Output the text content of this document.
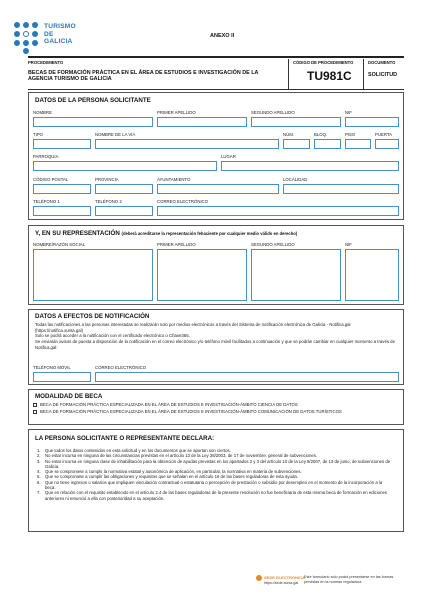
TURISMO
DE
GALICIA
ANEXO II
PROCEDIMIENTO
BECAS DE FORMACIÓN PRÁCTICA EN EL ÁREA DE ESTUDIOS E INVESTIGACIÓN DE LA AGENCIA TURISMO DE GALICIA
CÓDIGO DE PROCEDIMIENTO
TU981C
DOCUMENTO
SOLICITUD
DATOS DE LA PERSONA SOLICITANTE
NOMBRE	PRIMER APELLIDO	SEGUNDO APELLIDO	NIF
TIPO	NOMBRE DE LA VÍA	NÚM.	BLOQ.	PISO	PUERTA
PARROQUIA	LUGAR
CÓDIGO POSTAL	PROVINCIA	AYUNTAMIENTO	LOCALIDAD
TELÉFONO 1	TELÉFONO 2	CORREO ELECTRÓNICO
Y, EN SU REPRESENTACIÓN (deberá acreditarse la representación fehaciente por cualquier medio válido en derecho)
NOMBRE/RAZÓN SOCIAL	PRIMER APELLIDO	SEGUNDO APELLIDO	NIF
DATOS A EFECTOS DE NOTIFICACIÓN
Todas las notificaciones a las personas interesadas se realizarán solo por medios electrónicos a través del Sistema de notificación electrónica de Galicia - Notifica.gal (https://notifica.xunta.gal)
Solo se podrá acceder a la notificación con el certificado electrónico o Chave365.
Se enviarán avisos de puesta a disposición de la notificación en el correo electrónico y/o teléfono móvil facilitados a continuación y que se podrán cambiar en cualquier momento a través de Notifica.gal:
TELÉFONO MÓVIL	CORREO ELECTRÓNICO
MODALIDAD DE BECA
BECA DE FORMACIÓN PRÁCTICA ESPECIALIZADA EN EL ÁREA DE ESTUDIOS E INVESTIGACIÓN-ÁMBITO CIENCIA DE DATOS
BECA DE FORMACIÓN PRÁCTICA ESPECIALIZADA EN EL ÁREA DE ESTUDIOS E INVESTIGACIÓN-ÁMBITO COMUNICACIÓN DE DATOS TURÍSTICOS
LA PERSONA SOLICITANTE O REPRESENTANTE DECLARA:
1.	Que todos los datos contenidos en esta solicitud y en los documentos que se aportan son ciertos.
2.	No estar incursa en ninguna de las circunstancias previstas en el artículo 13 de la Ley 38/2003, de 17 de noviembre, general de subvenciones.
3.	No estar incursa en ninguna clase de inhabilitación para la obtención de ayudas previstas en los apartados 2 y 3 del artículo 10 de la Ley 9/2007, de 13 de junio, de subvenciones de Galicia.
4.	Que se compromete a cumplir la normativa estatal y autonómica de aplicación, en particular, la normativa en materia de subvenciones.
5.	Que se compromete a cumplir las obligaciones y requisitos que se señalan en el artículo 16 de las bases reguladoras de esta ayuda.
6.	Que no tiene ingresos o salarios que impliquen vinculación contractual o estatutaria o percepción de prestación o subsidio por desempleo en el momento de la incorporación a la beca.
7.	Que en relación con el requisito establecido en el artículo 2.4 de las bases reguladoras de la presente resolución no fue beneficiaria de esta misma beca de formación en ediciones anteriores ni renunció a ella con posterioridad a su aceptación.
SEDE ELECTRÓNICA
https://sede.xunta.gal
Este formulario solo podrá presentarse en las formas previstas en la normas reguladora
